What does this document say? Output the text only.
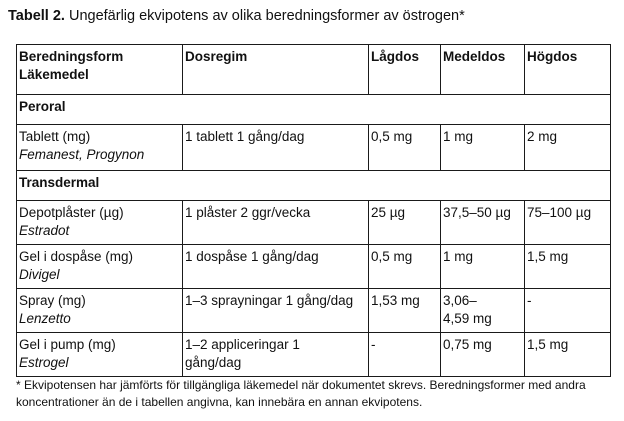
Tabell 2. Ungefärlig ekvipotens av olika beredningsformer av östrogen*
Beredningsform
Läkemedel	Dosregim	Lågdos	Medeldos	Högdos
Peroral				
Tablett (mg)
Femanest, Progynon	1 tablett 1 gång/dag	0,5 mg	1 mg	2 mg
Transdermal				
Depotplåster (µg)
Estradot	1 plåster 2 ggr/vecka	25 µg	37,5–50 µg	75–100 µg
Gel i dospåse (mg)
Divigel	1 dospåse 1 gång/dag	0,5 mg	1 mg	1,5 mg
Spray (mg)
Lenzetto	1–3 sprayningar 1 gång/dag	1,53 mg	3,06–
4,59 mg	-
Gel i pump (mg)
Estrogel	1–2 appliceringar 1
gång/dag	-	0,75 mg	1,5 mg
* Ekvipotensen har jämförts för tillgängliga läkemedel när dokumentet skrevs. Beredningsformer med andra
koncentrationer än de i tabellen angivna, kan innebära en annan ekvipotens.
